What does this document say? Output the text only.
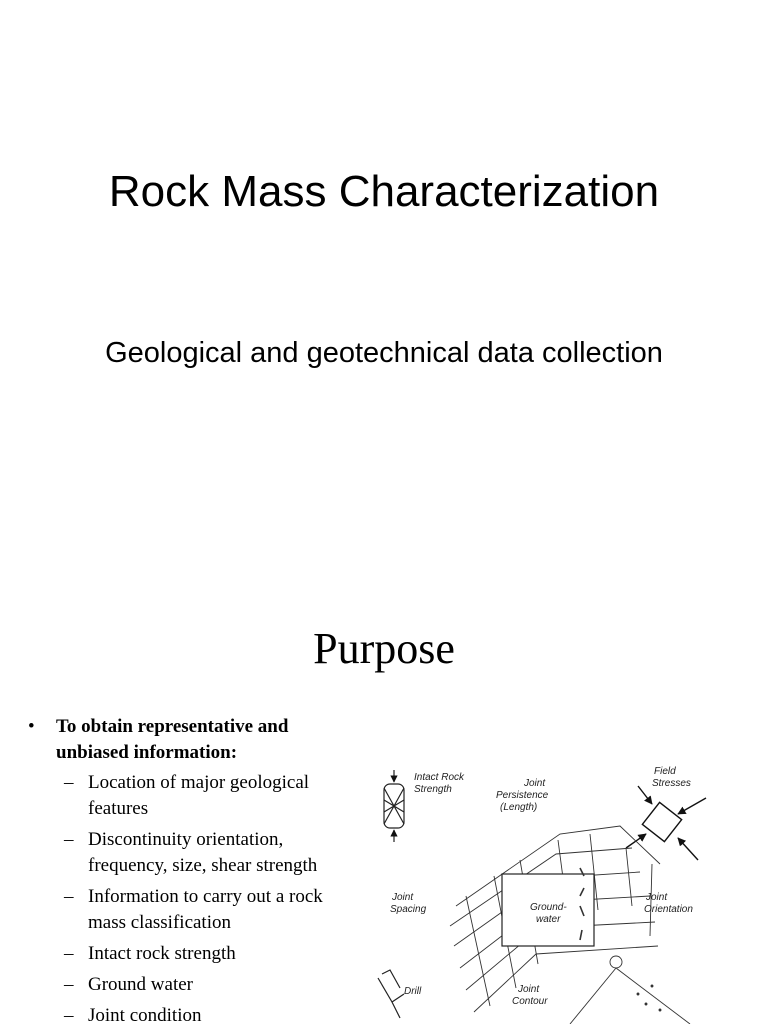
Rock Mass Characterization
Geological and geotechnical data collection
Purpose
• To obtain representative and unbiased information:
– Location of major geological features
– Discontinuity orientation, frequency, size, shear strength
– Information to carry out a rock mass classification
– Intact rock strength
– Ground water
– Joint condition
Intact Rock
Strength
Joint
Persistence
(Length)
Field
Stresses
Joint
Spacing	Ground-
water
Joint
Orientation
Drill	Joint
Contour
